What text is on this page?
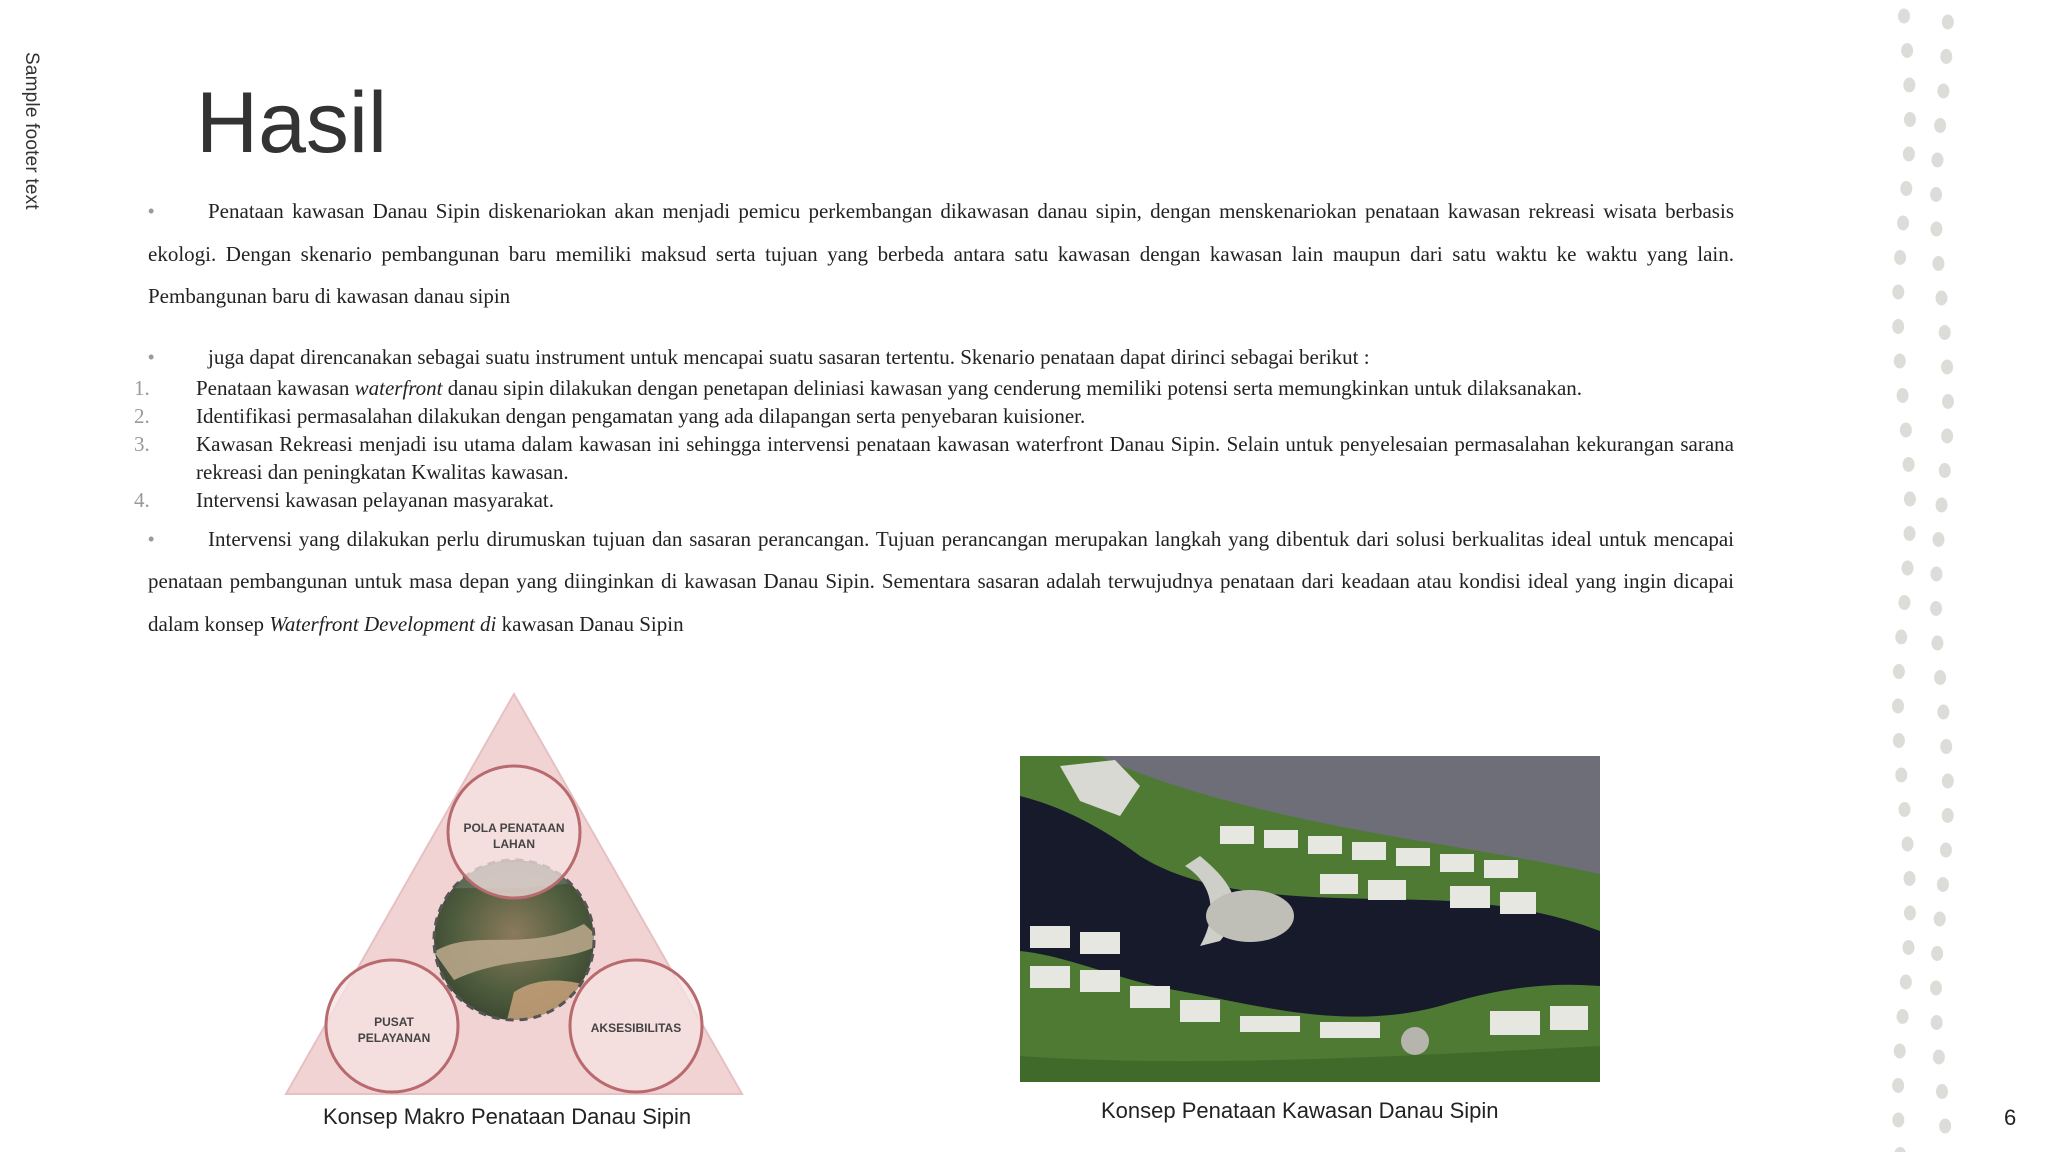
Sample footer text Hasil

•	Penataan kawasan Danau Sipin diskenariokan akan menjadi pemicu perkembangan dikawasan danau sipin, dengan menskenariokan penataan kawasan rekreasi wisata berbasis ekologi. Dengan skenario pembangunan baru memiliki maksud serta tujuan yang berbeda antara satu kawasan dengan kawasan lain maupun dari satu waktu ke waktu yang lain. Pembangunan baru di kawasan danau sipin

•	juga dapat direncanakan sebagai suatu instrument untuk mencapai suatu sasaran tertentu. Skenario penataan dapat dirinci sebagai berikut :

1. Penataan kawasan waterfront danau sipin dilakukan dengan penetapan deliniasi kawasan yang cenderung memiliki potensi serta memungkinkan untuk dilaksanakan.
2. Identifikasi permasalahan dilakukan dengan pengamatan yang ada dilapangan serta penyebaran kuisioner.
3. Kawasan Rekreasi menjadi isu utama dalam kawasan ini sehingga intervensi penataan kawasan waterfront Danau Sipin. Selain untuk penyelesaian permasalahan kekurangan sarana rekreasi dan peningkatan Kwalitas kawasan.
4. Intervensi kawasan pelayanan masyarakat.

•	Intervensi yang dilakukan perlu dirumuskan tujuan dan sasaran perancangan. Tujuan perancangan merupakan langkah yang dibentuk dari solusi berkualitas ideal untuk mencapai penataan pembangunan untuk masa depan yang diinginkan di kawasan Danau Sipin. Sementara sasaran adalah terwujudnya penataan dari keadaan atau kondisi ideal yang ingin dicapai dalam konsep Waterfront Development di kawasan Danau Sipin

POLA PENATAAN
LAHAN
PUSAT
PELAYANAN
AKSESIBILITAS
Konsep Makro Penataan Danau Sipin	Konsep Penataan Kawasan Danau Sipin	6
